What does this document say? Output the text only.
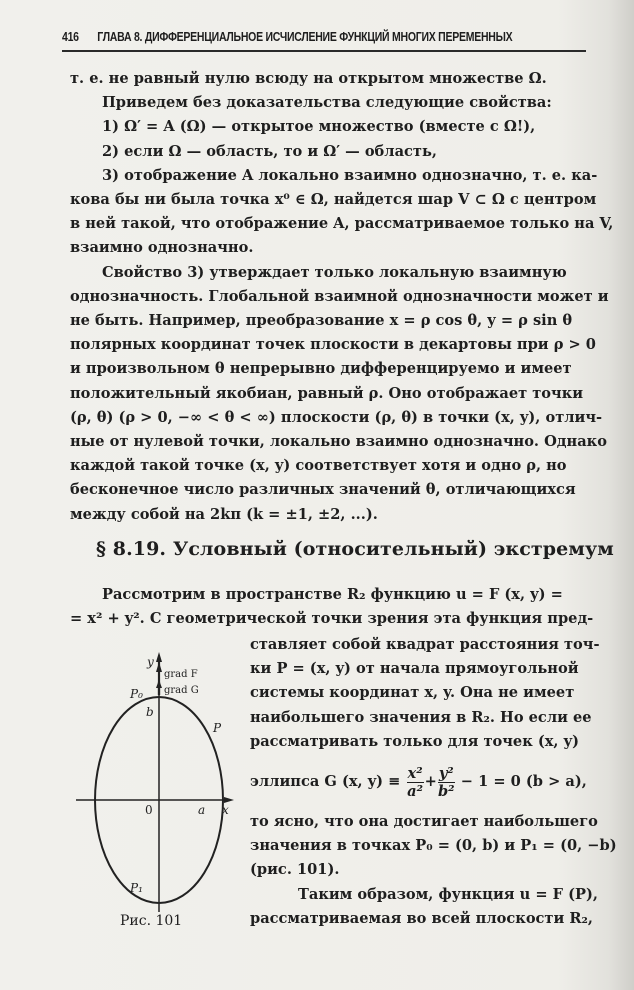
416 ГЛАВА 8. ДИФФЕРЕНЦИАЛЬНОЕ ИСЧИСЛЕНИЕ ФУНКЦИЙ МНОГИХ ПЕРЕМЕННЫХ

т. е. не равный нулю всюду на открытом множестве Ω.

Приведем без доказательства следующие свойства:

1) Ω′ = A (Ω) — открытое множество (вместе с Ω!),

2) если Ω — область, то и Ω′ — область,

3) отображение A локально взаимно однозначно, т. е. ка-

кова бы ни была точка x⁰ ∈ Ω, найдется шар V ⊂ Ω с центром

в ней такой, что отображение A, рассматриваемое только на V,

взаимно однозначно.

Свойство 3) утверждает только локальную взаимную

однозначность. Глобальной взаимной однозначности может и

не быть. Например, преобразование x = ρ cos θ, y = ρ sin θ

полярных координат точек плоскости в декартовы при ρ > 0

и произвольном θ непрерывно дифференцируемо и имеет

положительный якобиан, равный ρ. Оно отображает точки

(ρ, θ) (ρ > 0, −∞ < θ < ∞) плоскости (ρ, θ) в точки (x, y), отлич-

ные от нулевой точки, локально взаимно однозначно. Однако

каждой такой точке (x, y) соответствует хотя и одно ρ, но

бесконечное число различных значений θ, отличающихся

между собой на 2kπ (k = ±1, ±2, ...).

§ 8.19. Условный (относительный) экстремум
Рассмотрим в пространстве R₂ функцию u = F (x, y) =
= x² + y². С геометрической точки зрения эта функция пред-
y
grad F
grad G
P₀
b
P
0	a x
P₁
Рис. 101
ставляет собой квадрат расстояния точ-
ки P = (x, y) от начала прямоугольной
системы координат x, y. Она не имеет
наибольшего значения в R₂. Но если ее
рассматривать только для точек (x, y)
эллипса G (x, $y) \equiv \frac{\text{x²}}{\text{a²}} + \frac{\text{y²}}{\text{b²}} - 1 = 0$ (b > a),
то ясно, что она достигает наибольшего
значения в точках P₀ = (0, b) и P₁ = (0, −b)
(рис. 101).
Таким образом, функция u = F (P),
рассматриваемая во всей плоскости R₂,
